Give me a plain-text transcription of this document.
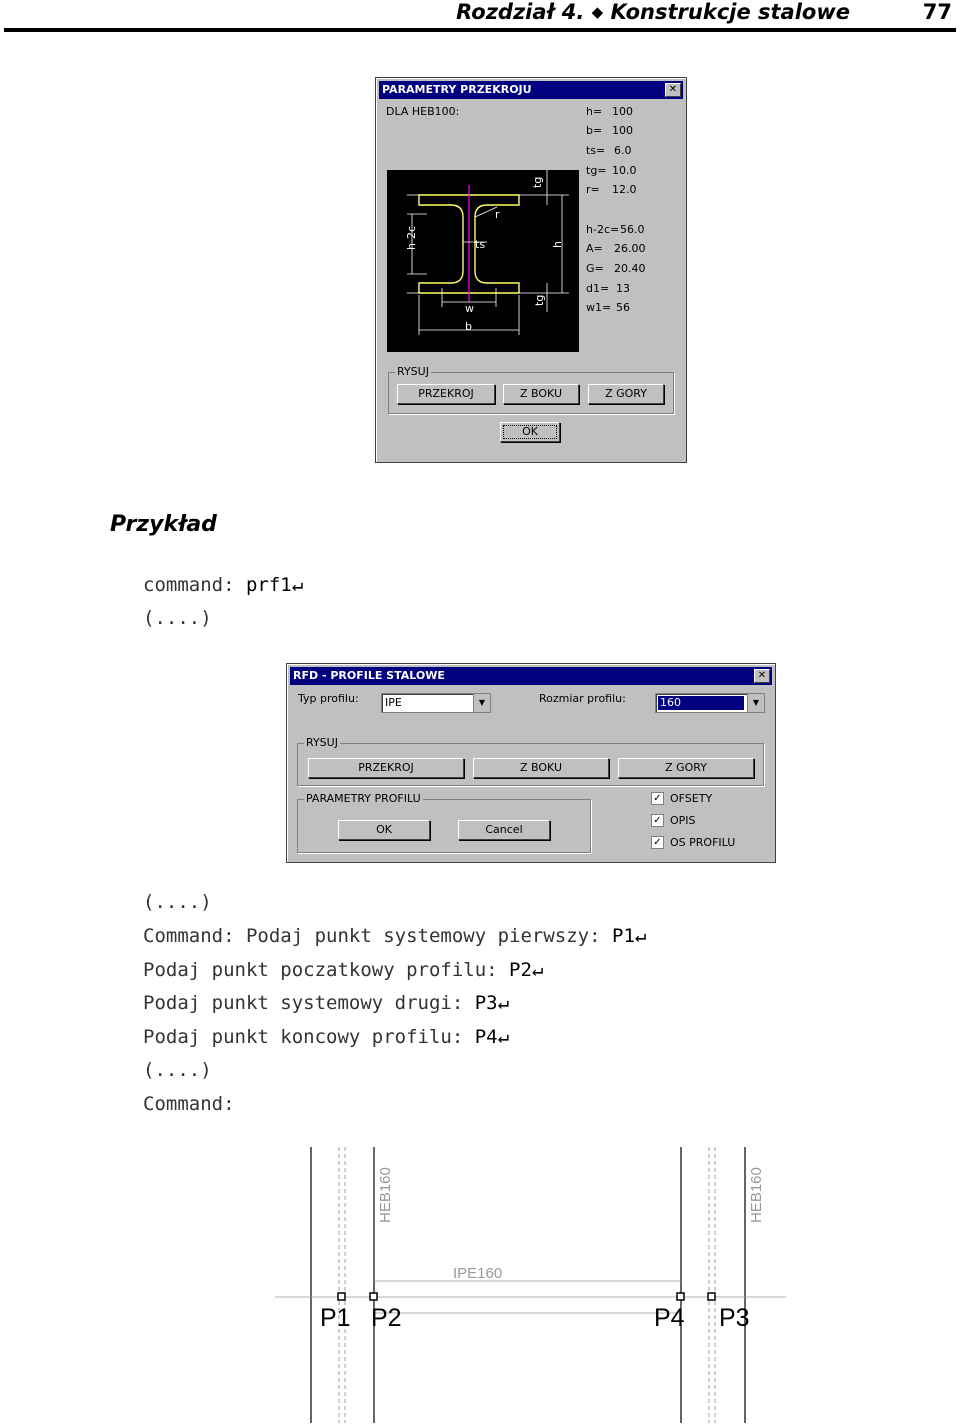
Rozdział 4. ◆ Konstrukcje stalowe	77
PARAMETRY PRZEKROJU	✕
DLA HEB100:	h= 100
b= 100
ts= 6.0
tg= 10.0
r= 12.0
h-2c= 56.0
A= 26.00
G= 20.40
d1= 13
w1= 56
tg
r
ts
h-2c	h
w
b
tg
RYSUJ
PRZEKROJ	Z BOKU	Z GORY
OK
Przykład
command: prf1↵
(....)
RFD - PROFILE STALOWE	✕
Typ profilu: IPE	▼	Rozmiar profilu:	160	▼
RYSUJ
PRZEKROJ	Z BOKU	Z GORY
PARAMETRY PROFILU
OK	Cancel
✓ OFSETY
✓ OPIS
✓ OS PROFILU
(....)
Command: Podaj punkt systemowy pierwszy: P1↵
Podaj punkt poczatkowy profilu: P2↵
Podaj punkt systemowy drugi: P3↵
Podaj punkt koncowy profilu: P4↵
(....)
Command:
HEB160	HEB160
IPE160
P1 P2	P4 P3
